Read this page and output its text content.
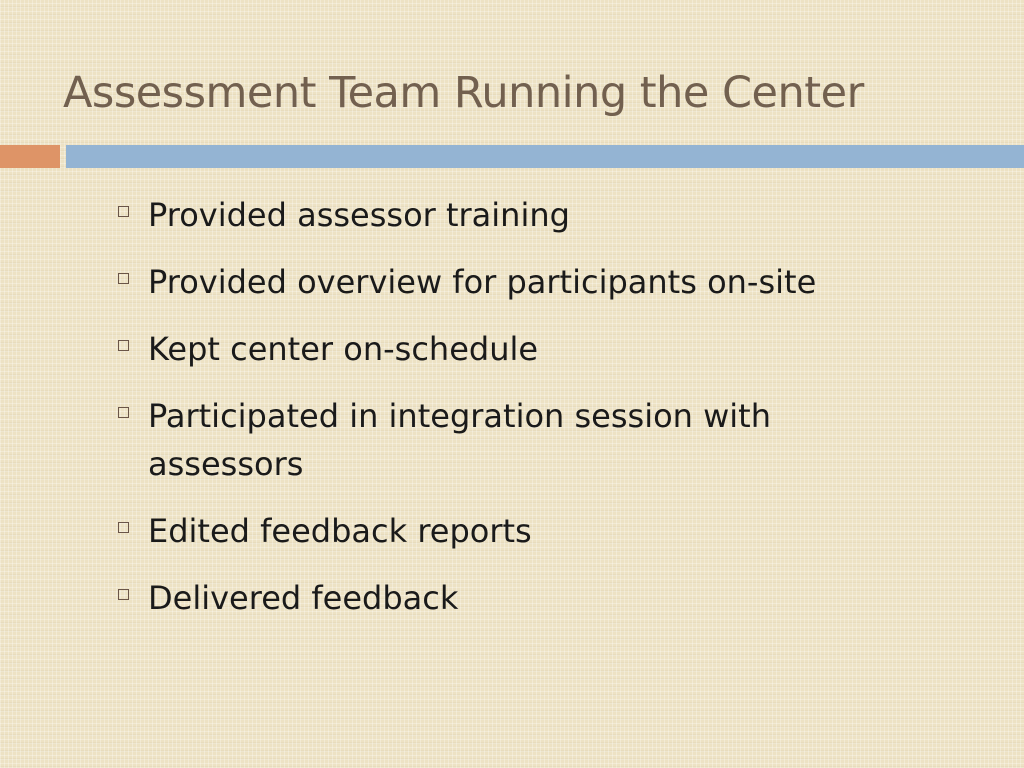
Assessment Team Running the Center
Provided assessor training
Provided overview for participants on-site
Kept center on-schedule
Participated in integration session with assessors
Edited feedback reports
Delivered feedback
